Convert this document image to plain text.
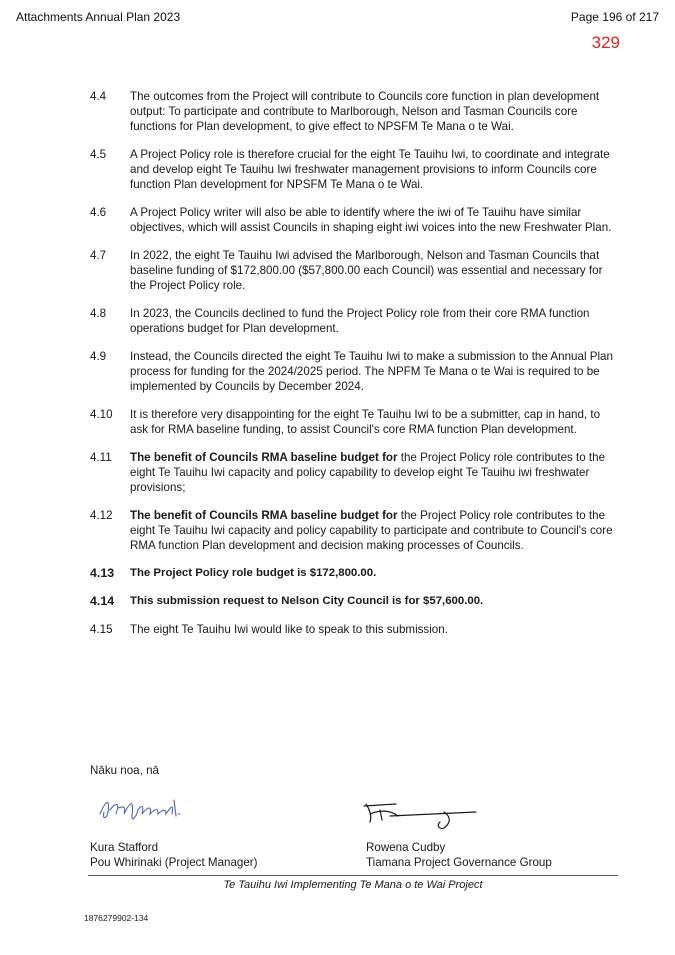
Attachments Annual Plan 2023	Page 196 of 217
329
4.4	The outcomes from the Project will contribute to Councils core function in plan development output: To participate and contribute to Marlborough, Nelson and Tasman Councils core functions for Plan development, to give effect to NPSFM Te Mana o te Wai.
4.5	A Project Policy role is therefore crucial for the eight Te Tauihu Iwi, to coordinate and integrate and develop eight Te Tauihu Iwi freshwater management provisions to inform Councils core function Plan development for NPSFM Te Mana o te Wai.
4.6	A Project Policy writer will also be able to identify where the iwi of Te Tauihu have similar objectives, which will assist Councils in shaping eight iwi voices into the new Freshwater Plan.
4.7	In 2022, the eight Te Tauihu Iwi advised the Marlborough, Nelson and Tasman Councils that baseline funding of $172,800.00 ($57,800.00 each Council) was essential and necessary for the Project Policy role.
4.8	In 2023, the Councils declined to fund the Project Policy role from their core RMA function operations budget for Plan development.
4.9	Instead, the Councils directed the eight Te Tauihu Iwi to make a submission to the Annual Plan process for funding for the 2024/2025 period. The NPFM Te Mana o te Wai is required to be implemented by Councils by December 2024.
4.10	It is therefore very disappointing for the eight Te Tauihu Iwi to be a submitter, cap in hand, to ask for RMA baseline funding, to assist Council's core RMA function Plan development.
4.11	The benefit of Councils RMA baseline budget for the Project Policy role contributes to the eight Te Tauihu Iwi capacity and policy capability to develop eight Te Tauihu iwi freshwater provisions;
4.12	The benefit of Councils RMA baseline budget for the Project Policy role contributes to the eight Te Tauihu Iwi capacity and policy capability to participate and contribute to Council's core RMA function Plan development and decision making processes of Councils.
4.13	The Project Policy role budget is $172,800.00.
4.14	This submission request to Nelson City Council is for $57,600.00.
4.15	The eight Te Tauihu Iwi would like to speak to this submission.
Nāku noa, nā
Kura Stafford
Pou Whirinaki (Project Manager)
Rowena Cudby
Tiamana Project Governance Group
Te Tauihu Iwi Implementing Te Mana o te Wai Project
1876279902-134
